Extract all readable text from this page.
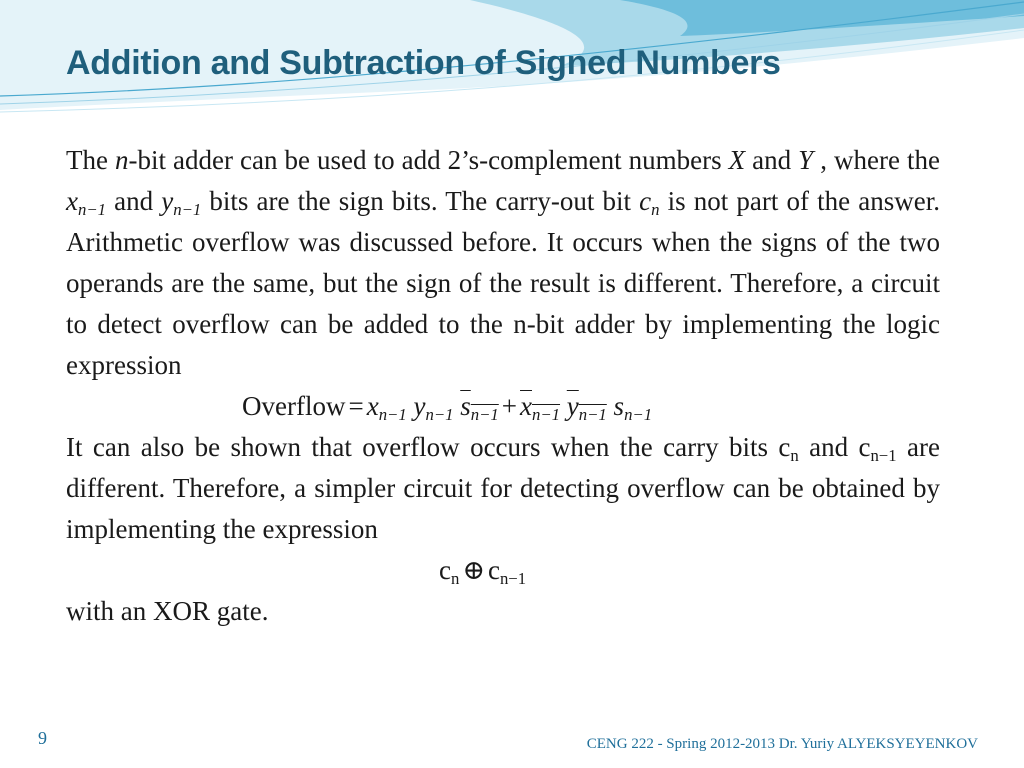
Addition and Subtraction of Signed Numbers

The n-bit adder can be used to add 2’s-complement numbers X and Y , where the $x_{n-1}$ and $y_{n-1}$ bits are the sign bits. The carry-out bit $c_n$ is not part of the answer. Arithmetic overflow was discussed before. It occurs when the signs of the two operands are the same, but the sign of the result is different. Therefore, a circuit to detect overflow can be added to the n-bit adder by implementing the logic expression

Overflow = $x_{n-1}$ $y_{n-1}$ $s_{n-1} + x_{n-1}$ $y_{n-1}$ $s_{n-1}$

It can also be shown that overflow occurs when the carry bits $c_n$ and $c_{n-1}$ are different. Therefore, a simpler circuit for detecting overflow can be obtained by implementing the expression

$c_n$ ⊕ $c_{n-1}$

with an XOR gate.

9	CENG 222 - Spring 2012-2013 Dr. Yuriy ALYEKSYEYENKOV
